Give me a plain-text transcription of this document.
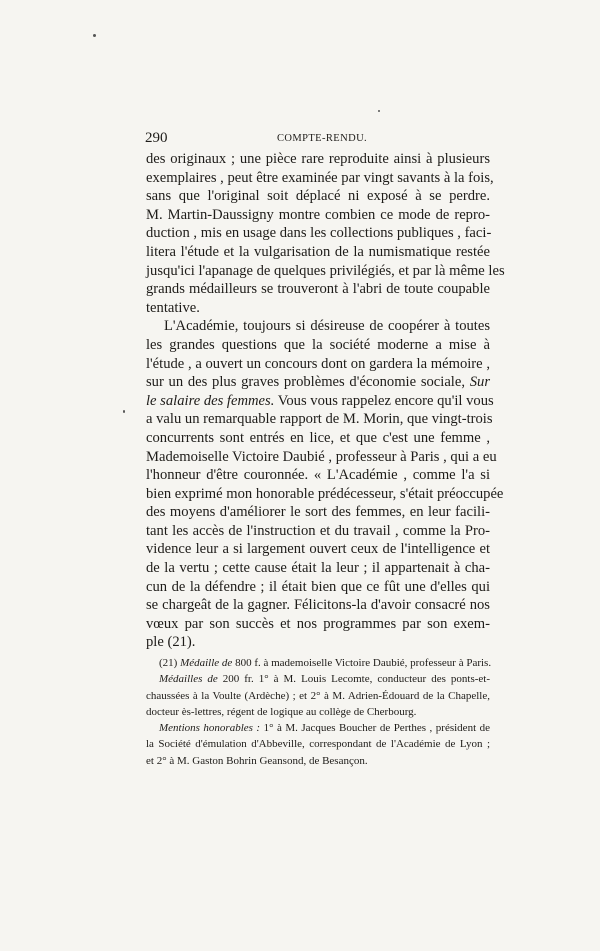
290	COMPTE-RENDU.
des originaux ; une pièce rare reproduite ainsi à plusieurs
exemplaires , peut être examinée par vingt savants à la fois,
sans que l'original soit déplacé ni exposé à se perdre.
M. Martin-Daussigny montre combien ce mode de repro-
duction , mis en usage dans les collections publiques , faci-
litera l'étude et la vulgarisation de la numismatique restée
jusqu'ici l'apanage de quelques privilégiés, et par là même les
grands médailleurs se trouveront à l'abri de toute coupable
tentative.
L'Académie, toujours si désireuse de coopérer à toutes
les grandes questions que la société moderne a mise à
l'étude , a ouvert un concours dont on gardera la mémoire ,
sur un des plus graves problèmes d'économie sociale, Sur
le salaire des femmes. Vous vous rappelez encore qu'il vous
a valu un remarquable rapport de M. Morin, que vingt-trois
concurrents sont entrés en lice, et que c'est une femme ,
Mademoiselle Victoire Daubié , professeur à Paris , qui a eu
l'honneur d'être couronnée. « L'Académie , comme l'a si
bien exprimé mon honorable prédécesseur, s'était préoccupée
des moyens d'améliorer le sort des femmes, en leur facili-
tant les accès de l'instruction et du travail , comme la Pro-
vidence leur a si largement ouvert ceux de l'intelligence et
de la vertu ; cette cause était la leur ; il appartenait à cha-
cun de la défendre ; il était bien que ce fût une d'elles qui
se chargeât de la gagner. Félicitons-la d'avoir consacré nos
vœux par son succès et nos programmes par son exem-
ple (21).
(21) Médaille de 800 f. à mademoiselle Victoire Daubié, professeur à Paris.
Médailles de 200 fr. 1° à M. Louis Lecomte, conducteur des ponts-et-
chaussées à la Voulte (Ardèche) ; et 2° à M. Adrien-Édouard de la Chapelle,
docteur ès-lettres, régent de logique au collège de Cherbourg.
Mentions honorables : 1° à M. Jacques Boucher de Perthes , président de
la Société d'émulation d'Abbeville, correspondant de l'Académie de Lyon ;
et 2° à M. Gaston Bohrin Geansond, de Besançon.
